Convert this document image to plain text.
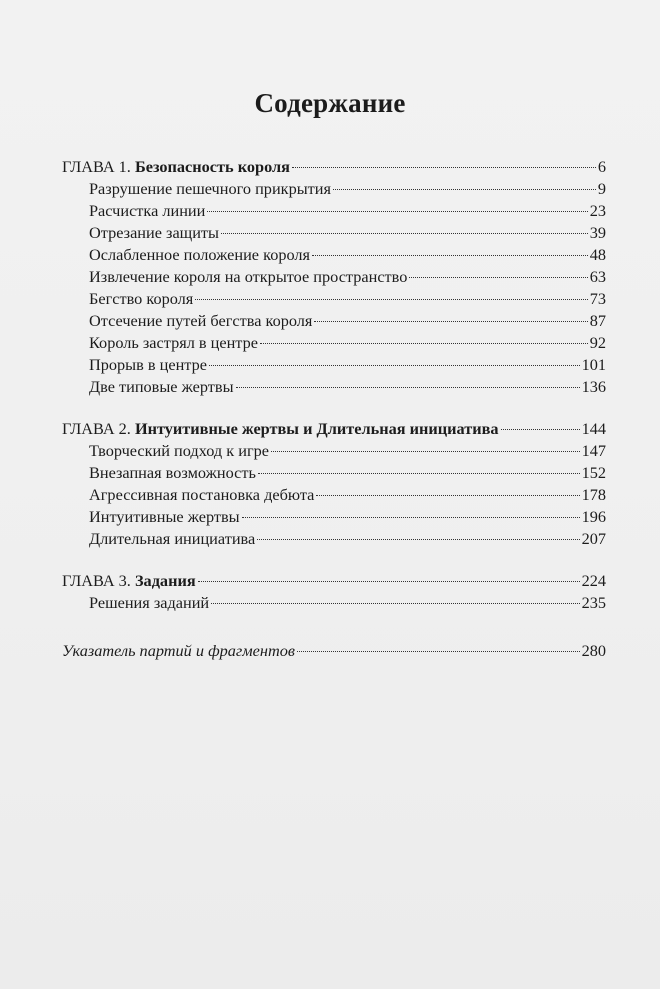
Содержание
ГЛАВА 1. Безопасность короля	6
Разрушение пешечного прикрытия	9
Расчистка линии	23
Отрезание защиты	39
Ослабленное положение короля	48
Извлечение короля на открытое пространство	63
Бегство короля	73
Отсечение путей бегства короля	87
Король застрял в центре	92
Прорыв в центре	101
Две типовые жертвы	136
ГЛАВА 2. Интуитивные жертвы и Длительная инициатива	144
Творческий подход к игре	147
Внезапная возможность	152
Агрессивная постановка дебюта	178
Интуитивные жертвы	196
Длительная инициатива	207
ГЛАВА 3. Задания	224
Решения заданий	235
Указатель партий и фрагментов	280
